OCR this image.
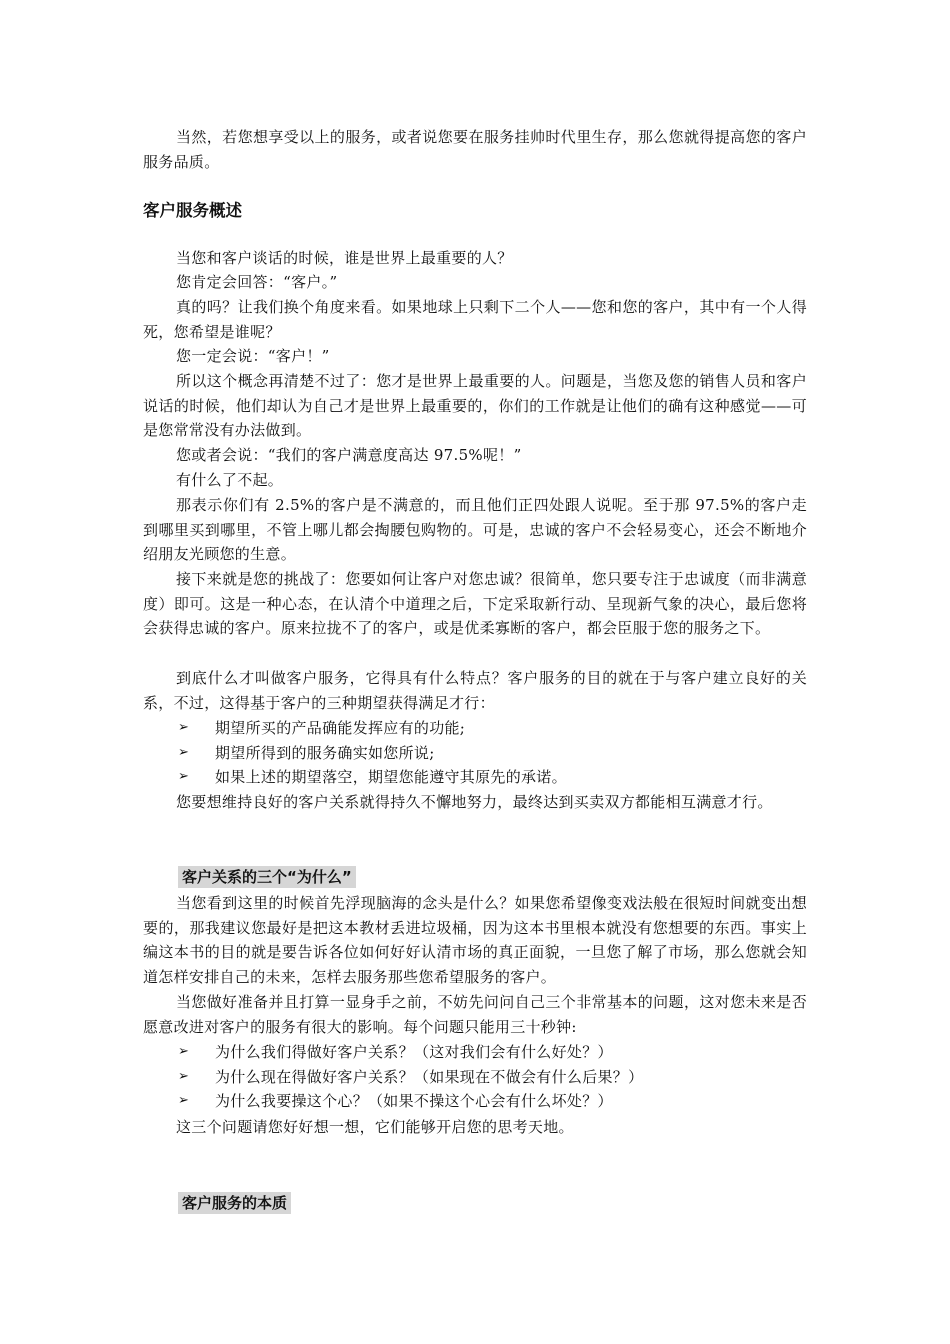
当然，若您想享受以上的服务，或者说您要在服务挂帅时代里生存，那么您就得提高您的客户服务品质。

客户服务概述

当您和客户谈话的时候，谁是世界上最重要的人？

您肯定会回答：“客户。”

真的吗？让我们换个角度来看。如果地球上只剩下二个人——您和您的客户，其中有一个人得死，您希望是谁呢？

您一定会说：“客户！”

所以这个概念再清楚不过了：您才是世界上最重要的人。问题是，当您及您的销售人员和客户说话的时候，他们却认为自己才是世界上最重要的，你们的工作就是让他们的确有这种感觉——可是您常常没有办法做到。

您或者会说：“我们的客户满意度高达 97.5%呢！”

有什么了不起。

那表示你们有 2.5%的客户是不满意的，而且他们正四处跟人说呢。至于那 97.5%的客户走到哪里买到哪里，不管上哪儿都会掏腰包购物的。可是，忠诚的客户不会轻易变心，还会不断地介绍朋友光顾您的生意。

接下来就是您的挑战了：您要如何让客户对您忠诚？很简单，您只要专注于忠诚度（而非满意度）即可。这是一种心态，在认清个中道理之后，下定采取新行动、呈现新气象的决心，最后您将会获得忠诚的客户。原来拉拢不了的客户，或是优柔寡断的客户，都会臣服于您的服务之下。

到底什么才叫做客户服务，它得具有什么特点？客户服务的目的就在于与客户建立良好的关系，不过，这得基于客户的三种期望获得满足才行：

➢ 期望所买的产品确能发挥应有的功能;
➢ 期望所得到的服务确实如您所说;
➢ 如果上述的期望落空，期望您能遵守其原先的承诺。

您要想维持良好的客户关系就得持久不懈地努力，最终达到买卖双方都能相互满意才行。

客户关系的三个“为什么”

当您看到这里的时候首先浮现脑海的念头是什么？如果您希望像变戏法般在很短时间就变出想要的，那我建议您最好是把这本教材丢进垃圾桶，因为这本书里根本就没有您想要的东西。事实上编这本书的目的就是要告诉各位如何好好认清市场的真正面貌，一旦您了解了市场，那么您就会知道怎样安排自己的未来，怎样去服务那些您希望服务的客户。

当您做好准备并且打算一显身手之前，不妨先问问自己三个非常基本的问题，这对您未来是否愿意改进对客户的服务有很大的影响。每个问题只能用三十秒钟:

➢ 为什么我们得做好客户关系？（这对我们会有什么好处？）
➢ 为什么现在得做好客户关系？（如果现在不做会有什么后果？）
➢ 为什么我要操这个心？（如果不操这个心会有什么坏处？）

这三个问题请您好好想一想，它们能够开启您的思考天地。

客户服务的本质
